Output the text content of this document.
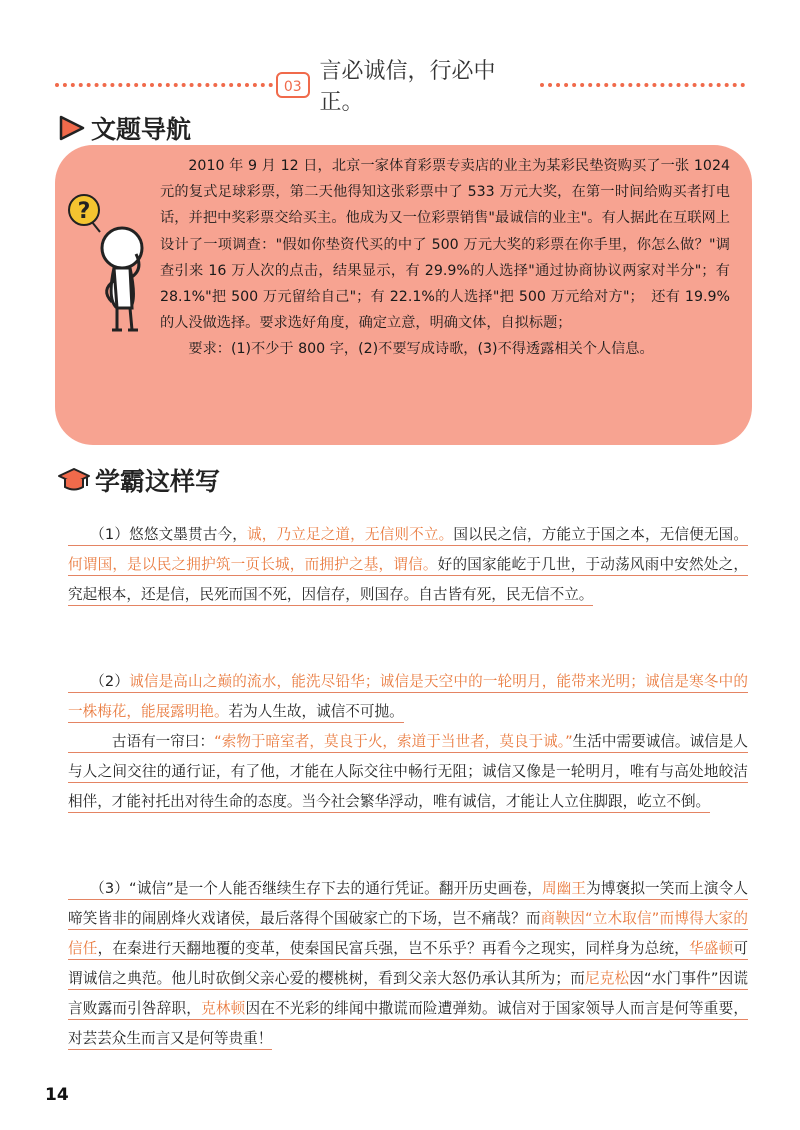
03
言必诚信，行必中正。
文题导航
?

2010 年 9 月 12 日，北京一家体育彩票专卖店的业主为某彩民垫资购买了一张 1024 元的复式足球彩票，第二天他得知这张彩票中了 533 万元大奖，在第一时间给购买者打电话，并把中奖彩票交给买主。他成为又一位彩票销售"最诚信的业主"。有人据此在互联网上设计了一项调查："假如你垫资代买的中了 500 万元大奖的彩票在你手里，你怎么做？"调查引来 16 万人次的点击，结果显示，有 29.9%的人选择"通过协商协议两家对半分"；有 28.1%"把 500 万元留给自己"；有 22.1%的人选择"把 500 万元给对方"；　还有 19.9%的人没做选择。要求选好角度，确定立意，明确文体，自拟标题；

要求：(1)不少于 800 字，(2)不要写成诗歌，(3)不得透露相关个人信息。

学霸这样写

　　（1）悠悠文墨贯古今，诚，乃立足之道，无信则不立。国以民之信，方能立于国之本，无信便无国。何谓国，是以民之拥护筑一页长城，而拥护之基，谓信。好的国家能屹于几世，于动荡风雨中安然处之，究起根本，还是信，民死而国不死，因信存，则国存。自古皆有死，民无信不立。

　　（2）诚信是高山之巅的流水，能洗尽铅华；诚信是天空中的一轮明月，能带来光明；诚信是寒冬中的一株梅花，能展露明艳。若为人生故，诚信不可抛。

　　　古语有一帘曰：“索物于暗室者，莫良于火，索道于当世者，莫良于诚。”生活中需要诚信。诚信是人与人之间交往的通行证，有了他，才能在人际交往中畅行无阻；诚信又像是一轮明月，唯有与高处地皎洁相伴，才能衬托出对待生命的态度。当今社会繁华浮动，唯有诚信，才能让人立住脚跟，屹立不倒。

　　（3）“诚信”是一个人能否继续生存下去的通行凭证。翻开历史画卷，周幽王为博褒拟一笑而上演令人啼笑皆非的闹剧烽火戏诸侯，最后落得个国破家亡的下场，岂不痛哉？而商鞅因“立木取信”而博得大家的信任，在秦进行天翻地覆的变革，使秦国民富兵强，岂不乐乎？再看今之现实，同样身为总统，华盛顿可谓诚信之典范。他儿时砍倒父亲心爱的樱桃树，看到父亲大怒仍承认其所为；而尼克松因“水门事件”因谎言败露而引咎辞职，克林顿因在不光彩的绯闻中撒谎而险遭弹劾。诚信对于国家领导人而言是何等重要，对芸芸众生而言又是何等贵重！

14
